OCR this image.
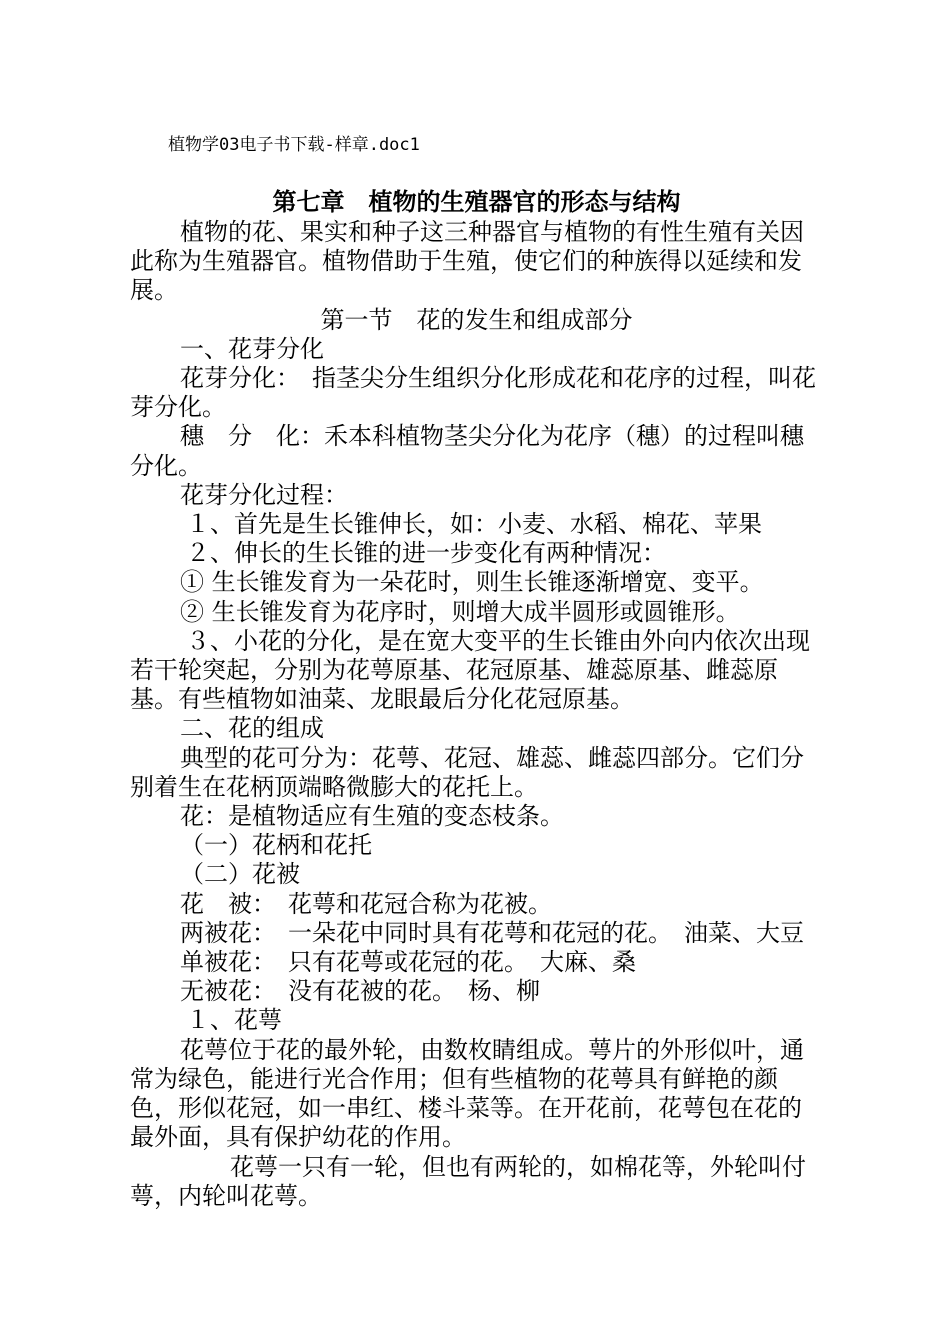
植物学03电子书下载-样章.doc1
第七章　植物的生殖器官的形态与结构

植物的花、果实和种子这三种器官与植物的有性生殖有关因此称为生殖器官。植物借助于生殖，使它们的种族得以延续和发展。

第一节　花的发生和组成部分

一、花芽分化

花芽分化：　指茎尖分生组织分化形成花和花序的过程，叫花芽分化。

穗　分　化：禾本科植物茎尖分化为花序（穗）的过程叫穗分化。

花芽分化过程：

１、首先是生长锥伸长，如：小麦、水稻、棉花、苹果

２、伸长的生长锥的进一步变化有两种情况：

① 生长锥发育为一朵花时，则生长锥逐渐增宽、变平。

② 生长锥发育为花序时，则增大成半圆形或圆锥形。

３、小花的分化，是在宽大变平的生长锥由外向内依次出现若干轮突起，分别为花萼原基、花冠原基、雄蕊原基、雌蕊原基。有些植物如油菜、龙眼最后分化花冠原基。

二、花的组成

典型的花可分为：花萼、花冠、雄蕊、雌蕊四部分。它们分别着生在花柄顶端略微膨大的花托上。

花：是植物适应有生殖的变态枝条。

（一）花柄和花托

（二）花被

花　被：　花萼和花冠合称为花被。

两被花：　一朵花中同时具有花萼和花冠的花。　油菜、大豆

单被花：　只有花萼或花冠的花。　大麻、桑

无被花：　没有花被的花。　杨、柳

１、花萼

花萼位于花的最外轮，由数枚睛组成。萼片的外形似叶，通常为绿色，能进行光合作用；但有些植物的花萼具有鲜艳的颜色，形似花冠，如一串红、楼斗菜等。在开花前，花萼包在花的最外面，具有保护幼花的作用。

花萼一只有一轮，但也有两轮的，如棉花等，外轮叫付萼，内轮叫花萼。
